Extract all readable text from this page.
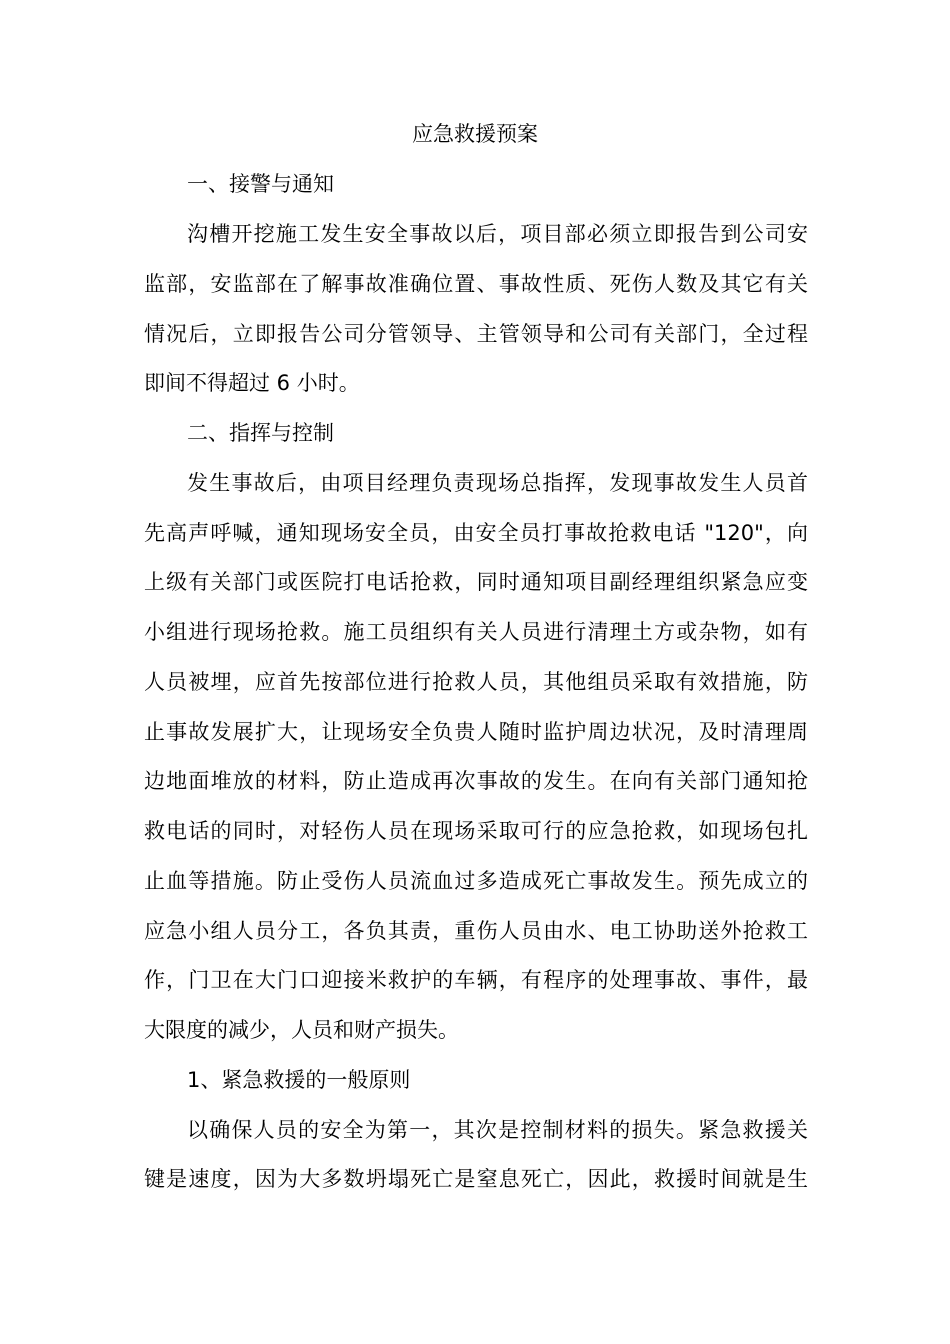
应急救援预案
一、接警与通知
沟槽开挖施工发生安全事故以后，项目部必须立即报告到公司安
监部，安监部在了解事故准确位置、事故性质、死伤人数及其它有关
情况后，立即报告公司分管领导、主管领导和公司有关部门，全过程
即间不得超过 6 小时。
二、指挥与控制
发生事故后，由项目经理负责现场总指挥，发现事故发生人员首
先高声呼喊，通知现场安全员，由安全员打事故抢救电话 "120"，向
上级有关部门或医院打电话抢救，同时通知项目副经理组织紧急应变
小组进行现场抢救。施工员组织有关人员进行清理土方或杂物，如有
人员被埋，应首先按部位进行抢救人员，其他组员采取有效措施，防
止事故发展扩大，让现场安全负贵人随时监护周边状况，及时清理周
边地面堆放的材料，防止造成再次事故的发生。在向有关部门通知抢
救电话的同时，对轻伤人员在现场采取可行的应急抢救，如现场包扎
止血等措施。防止受伤人员流血过多造成死亡事故发生。预先成立的
应急小组人员分工，各负其责，重伤人员由水、电工协助送外抢救工
作，门卫在大门口迎接米救护的车辆，有程序的处理事故、事件，最
大限度的减少，人员和财产损失。
1、紧急救援的一般原则
以确保人员的安全为第一，其次是控制材料的损失。紧急救援关
键是速度，因为大多数坍塌死亡是窒息死亡，因此，救援时间就是生
